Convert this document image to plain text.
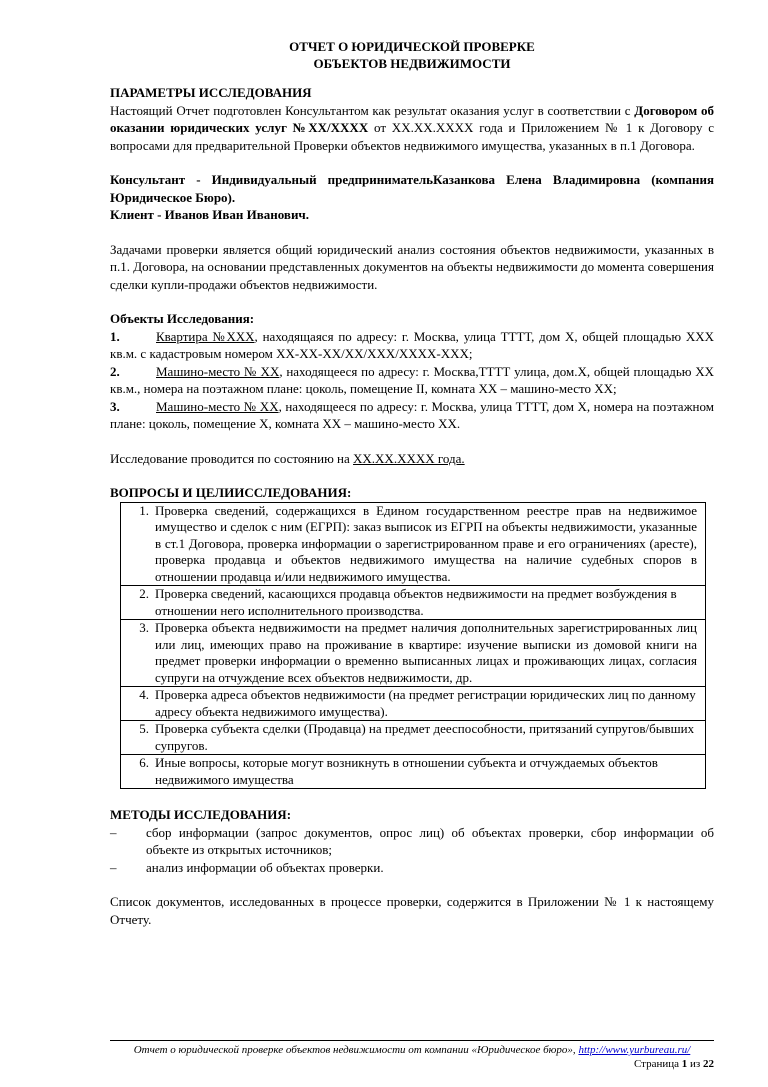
ОТЧЕТ О ЮРИДИЧЕСКОЙ ПРОВЕРКЕ
ОБЪЕКТОВ НЕДВИЖИМОСТИ

ПАРАМЕТРЫ ИССЛЕДОВАНИЯ

Настоящий Отчет подготовлен Консультантом как результат оказания услуг в соответствии с Договором об оказании юридических услуг №XX/XXXX от XX.XX.XXXX года и Приложением № 1 к Договору с вопросами для предварительной Проверки объектов недвижимого имущества, указанных в п.1 Договора.

Консультант - Индивидуальный предпринимательКазанкова Елена Владимировна (компания Юридическое Бюро).

Клиент - Иванов Иван Иванович.

Задачами проверки является общий юридический анализ состояния объектов недвижимости, указанных в п.1. Договора, на основании представленных документов на объекты недвижимости до момента совершения сделки купли-продажи объектов недвижимости.

Объекты Исследования:

1.	Квартира №XXX, находящаяся по адресу: г. Москва, улица ТТТТ, дом Х, общей площадью XXX кв.м. с кадастровым номером XX-XX-XX/XX/XXX/XXXX-XXX;

2.	Машино-место № XX, находящееся по адресу: г. Москва,ТТТТ улица, дом.Х, общей площадью XX кв.м., номера на поэтажном плане: цоколь, помещение II, комната XX – машино-место XX;

3.	Машино-место № XX, находящееся по адресу: г. Москва, улица ТТТТ, дом Х, номера на поэтажном плане: цоколь, помещение Х, комната XX – машино-место XX.

Исследование проводится по состоянию на XX.XX.XXXX года.

ВОПРОСЫ И ЦЕЛИИССЛЕДОВАНИЯ:

1.	Проверка сведений, содержащихся в Едином государственном реестре прав на недвижимое имущество и сделок с ним (ЕГРП): заказ выписок из ЕГРП на объекты недвижимости, указанные в ст.1 Договора, проверка информации о зарегистрированном праве и его ограничениях (аресте), проверка продавца и объектов недвижимого имущества на наличие судебных споров в отношении продавца и/или недвижимого имущества.
2.	Проверка сведений, касающихся продавца объектов недвижимости на предмет возбуждения в отношении него исполнительного производства.
3.	Проверка объекта недвижимости на предмет наличия дополнительных зарегистрированных лиц или лиц, имеющих право на проживание в квартире: изучение выписки из домовой книги на предмет проверки информации о временно выписанных лицах и проживающих лицах, согласия супруги на отчуждение всех объектов недвижимости, др.
4.	Проверка адреса объектов недвижимости (на предмет регистрации юридических лиц по данному адресу объекта недвижимого имущества).
5.	Проверка субъекта сделки (Продавца) на предмет дееспособности, притязаний супругов/бывших супругов.
6.	Иные вопросы, которые могут возникнуть в отношении субъекта и отчуждаемых объектов недвижимого имущества

МЕТОДЫ ИССЛЕДОВАНИЯ:

–	сбор информации (запрос документов, опрос лиц) об объектах проверки, сбор информации об объекте из открытых источников;
–	анализ информации об объектах проверки.

Список документов, исследованных в процессе проверки, содержится в Приложении № 1 к настоящему Отчету.

Отчет о юридической проверке объектов недвижимости от компании «Юридическое бюро», http://www.yurbureau.ru/
Страница 1 из 22
